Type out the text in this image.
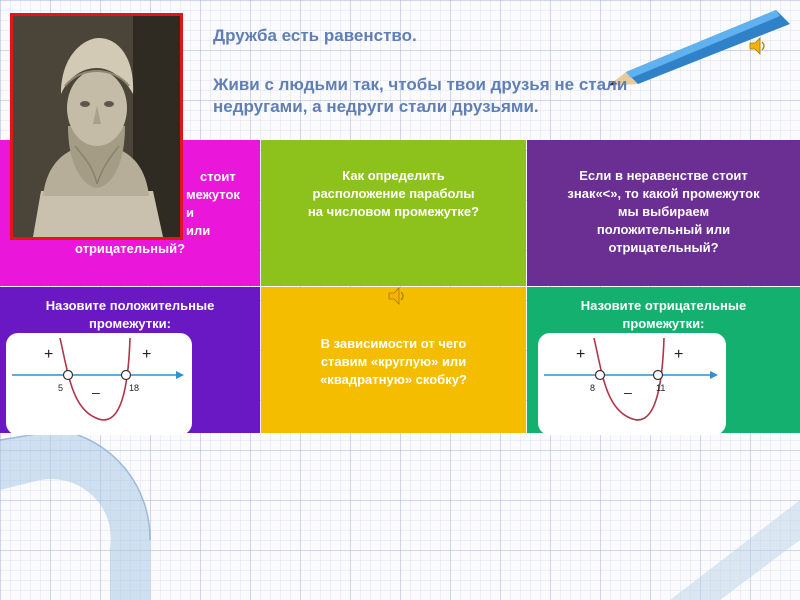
Дружба есть равенство.
Живи с людьми так, чтобы твои друзья не стали
недругами, а недруги стали друзьями.
стоит
межуток
и
или
отрицательный?
Как определить
расположение параболы
на числовом промежутке?
Если в неравенстве стоит
знак«<», то какой промежуток
мы выбираем
положительный или
отрицательный?
Назовите положительные
промежутки:
В зависимости от чего
ставим «круглую» или
«квадратную» скобку?
Назовите отрицательные
промежутки:
+	+
–
5	18
+	+
–
8	11
